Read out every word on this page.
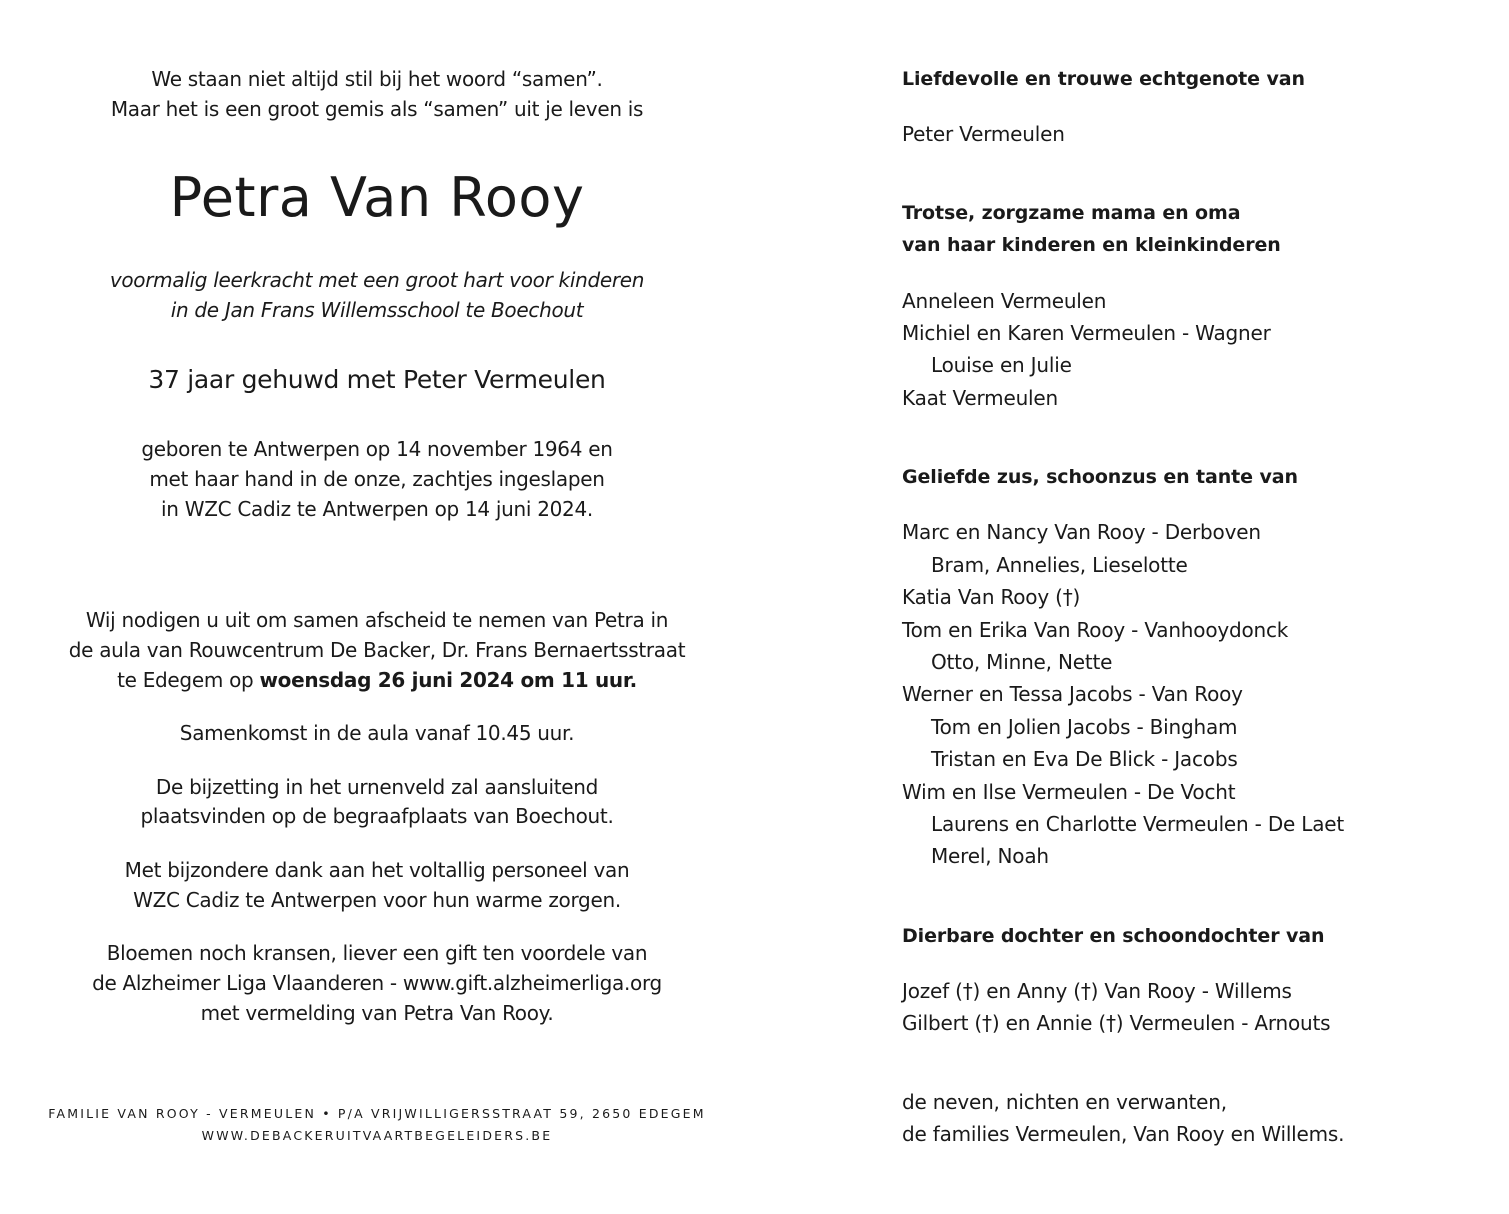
We staan niet altijd stil bij het woord “samen”.
Maar het is een groot gemis als “samen” uit je leven is
Petra Van Rooy
voormalig leerkracht met een groot hart voor kinderen
in de Jan Frans Willemsschool te Boechout
37 jaar gehuwd met Peter Vermeulen
geboren te Antwerpen op 14 november 1964 en
met haar hand in de onze, zachtjes ingeslapen
in WZC Cadiz te Antwerpen op 14 juni 2024.
Wij nodigen u uit om samen afscheid te nemen van Petra in
de aula van Rouwcentrum De Backer, Dr. Frans Bernaertsstraat
te Edegem op woensdag 26 juni 2024 om 11 uur.
Samenkomst in de aula vanaf 10.45 uur.
De bijzetting in het urnenveld zal aansluitend
plaatsvinden op de begraafplaats van Boechout.
Met bijzondere dank aan het voltallig personeel van
WZC Cadiz te Antwerpen voor hun warme zorgen.
Bloemen noch kransen, liever een gift ten voordele van
de Alzheimer Liga Vlaanderen - www.gift.alzheimerliga.org
met vermelding van Petra Van Rooy.
FAMILIE VAN ROOY - VERMEULEN • P/A VRIJWILLIGERSSTRAAT 59, 2650 EDEGEM
WWW.DEBACKERUITVAARTBEGELEIDERS.BE
Liefdevolle en trouwe echtgenote van
Peter Vermeulen
Trotse, zorgzame mama en oma
van haar kinderen en kleinkinderen
Anneleen Vermeulen
Michiel en Karen Vermeulen - Wagner
Louise en Julie
Kaat Vermeulen
Geliefde zus, schoonzus en tante van
Marc en Nancy Van Rooy - Derboven
Bram, Annelies, Lieselotte
Katia Van Rooy (†)
Tom en Erika Van Rooy - Vanhooydonck
Otto, Minne, Nette
Werner en Tessa Jacobs - Van Rooy
Tom en Jolien Jacobs - Bingham
Tristan en Eva De Blick - Jacobs
Wim en Ilse Vermeulen - De Vocht
Laurens en Charlotte Vermeulen - De Laet
Merel, Noah
Dierbare dochter en schoondochter van
Jozef (†) en Anny (†) Van Rooy - Willems
Gilbert (†) en Annie (†) Vermeulen - Arnouts
de neven, nichten en verwanten,
de families Vermeulen, Van Rooy en Willems.
